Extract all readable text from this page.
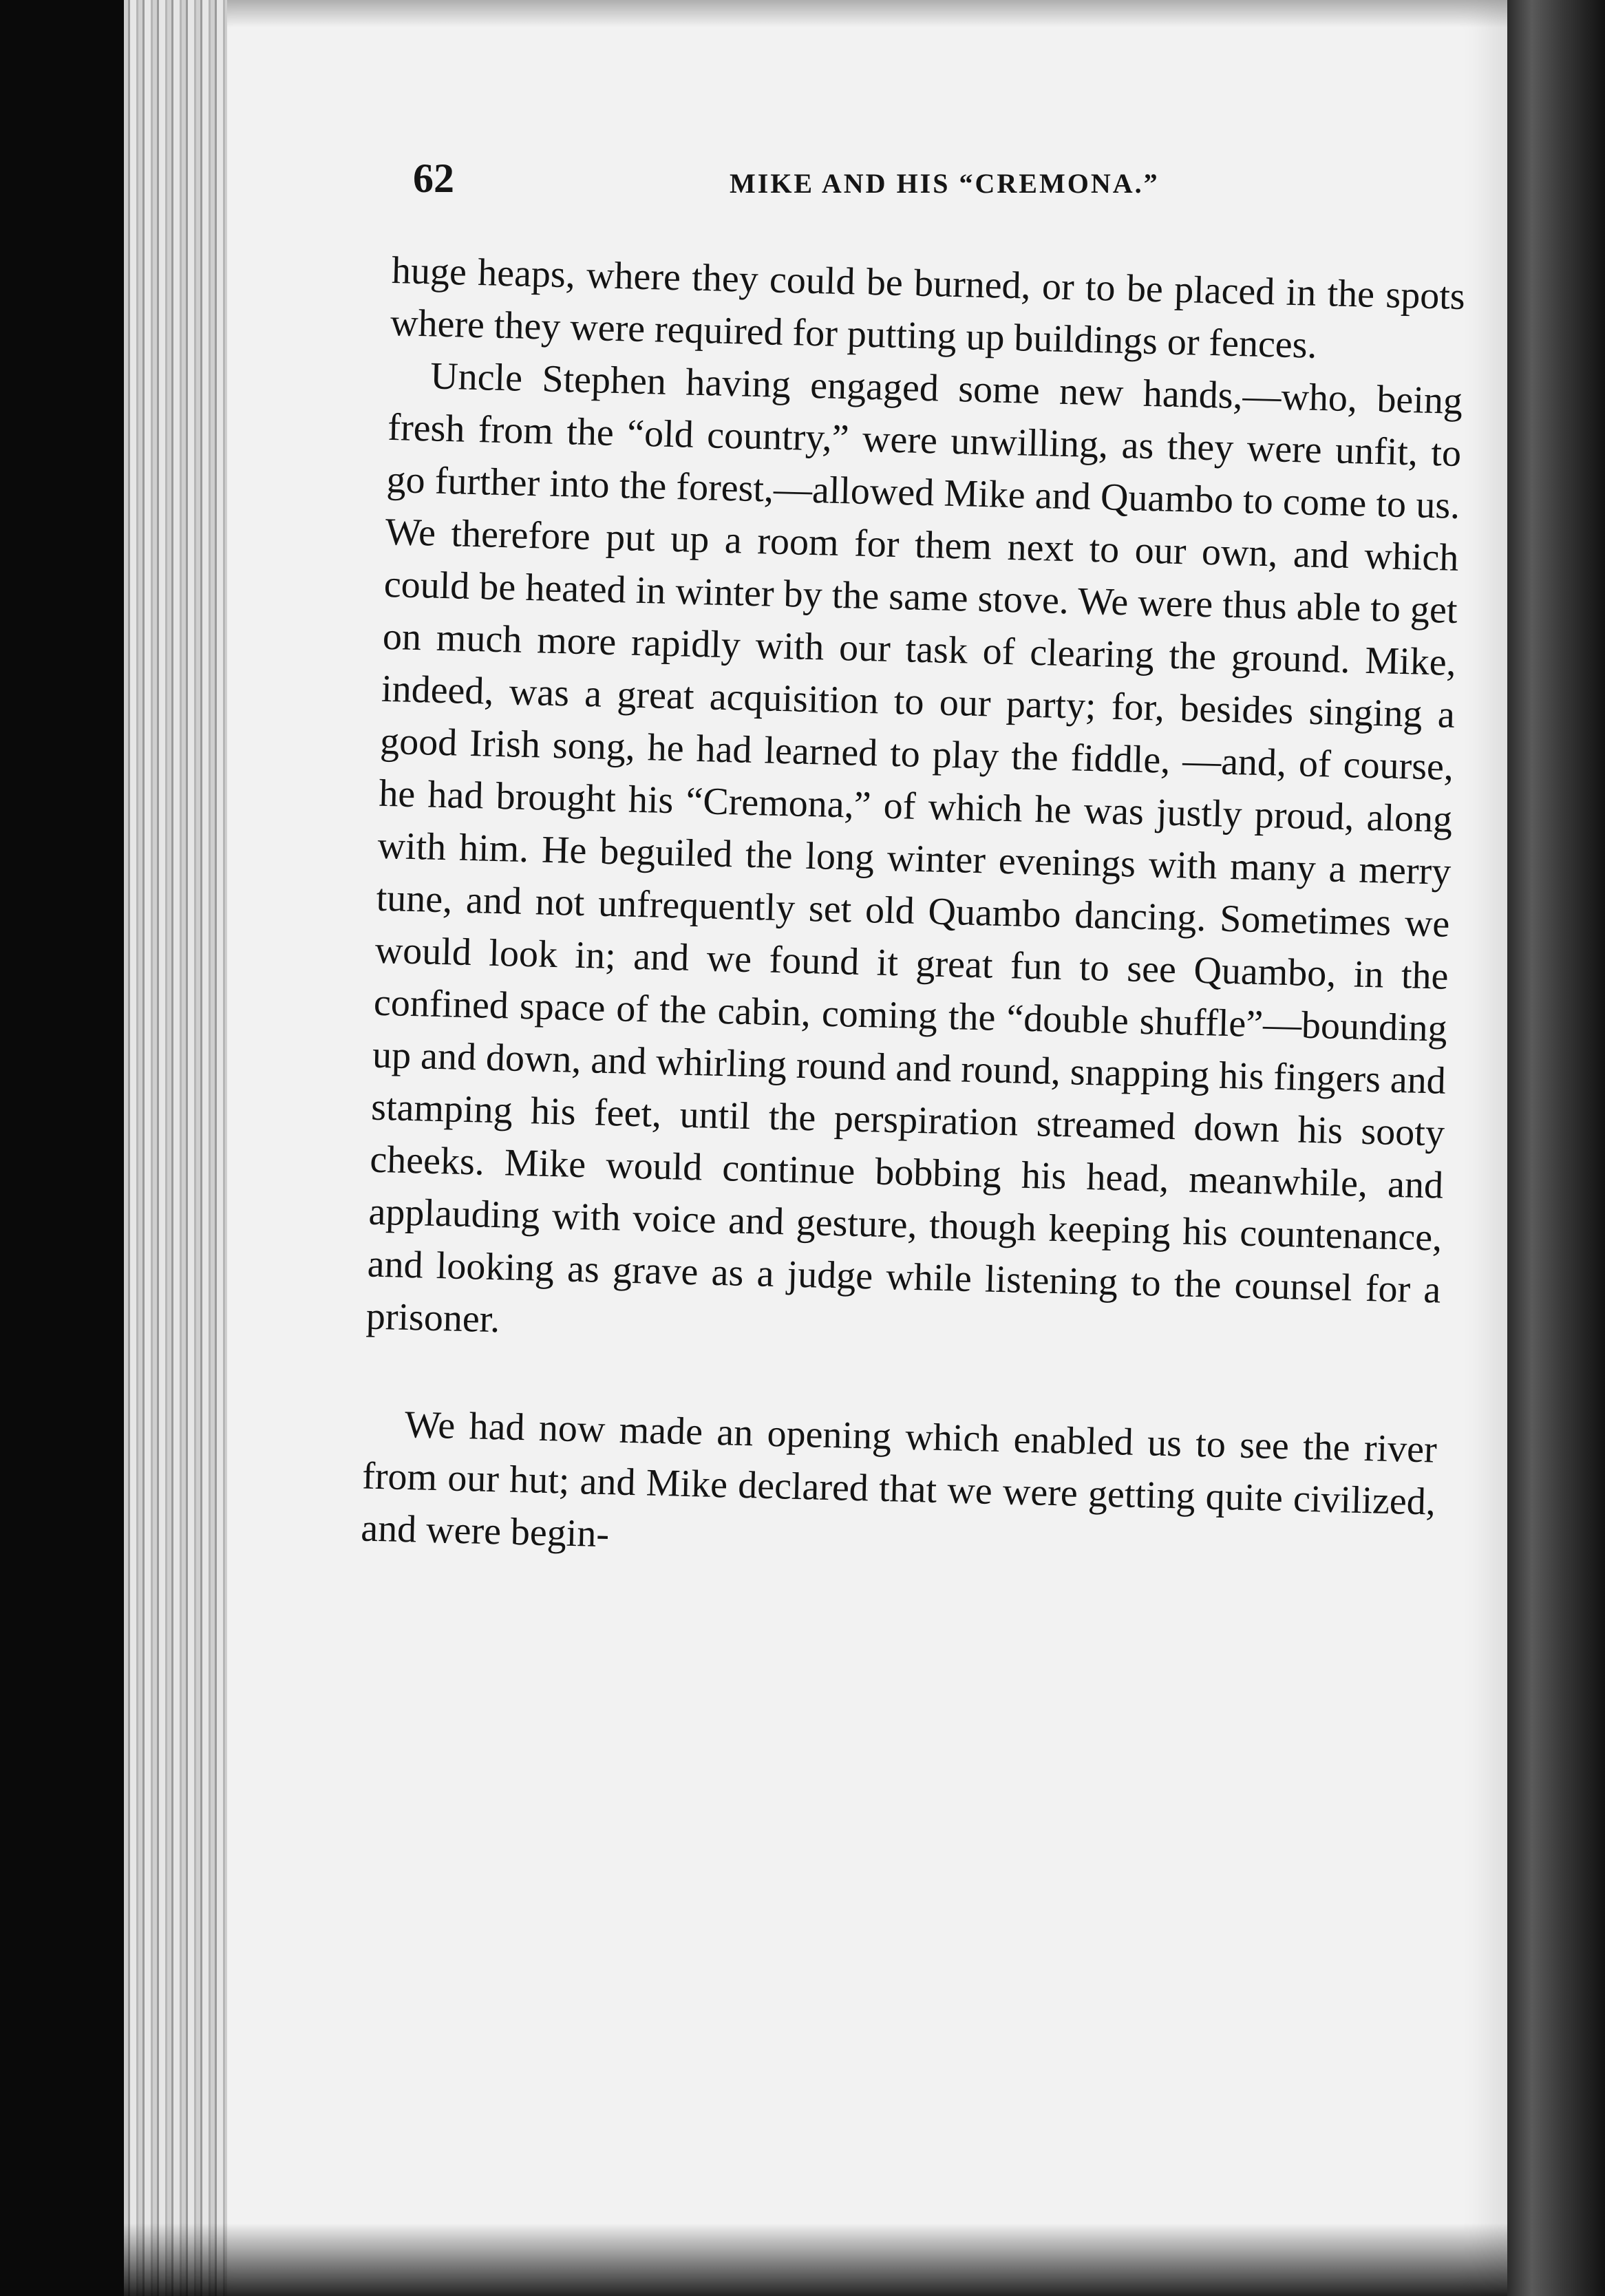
62	MIKE AND HIS “CREMONA.”

huge heaps, where they could be burned, or to be placed in the spots where they were required for putting up buildings or fences.

Uncle Stephen having engaged some new hands,—who, being fresh from the “old country,” were unwilling, as they were unfit, to go further into the forest,—allowed Mike and Quambo to come to us. We therefore put up a room for them next to our own, and which could be heated in winter by the same stove. We were thus able to get on much more rapidly with our task of clearing the ground. Mike, indeed, was a great acquisition to our party; for, besides singing a good Irish song, he had learned to play the fiddle, —and, of course, he had brought his “Cremona,” of which he was justly proud, along with him. He beguiled the long winter evenings with many a merry tune, and not unfrequently set old Quambo dancing. Sometimes we would look in; and we found it great fun to see Quambo, in the confined space of the cabin, coming the “double shuffle”—bounding up and down, and whirling round and round, snapping his fingers and stamping his feet, until the perspiration streamed down his sooty cheeks. Mike would continue bobbing his head, meanwhile, and applauding with voice and gesture, though keeping his countenance, and looking as grave as a judge while listening to the counsel for a prisoner.

We had now made an opening which enabled us to see the river from our hut; and Mike declared that we were getting quite civilized, and were begin-
